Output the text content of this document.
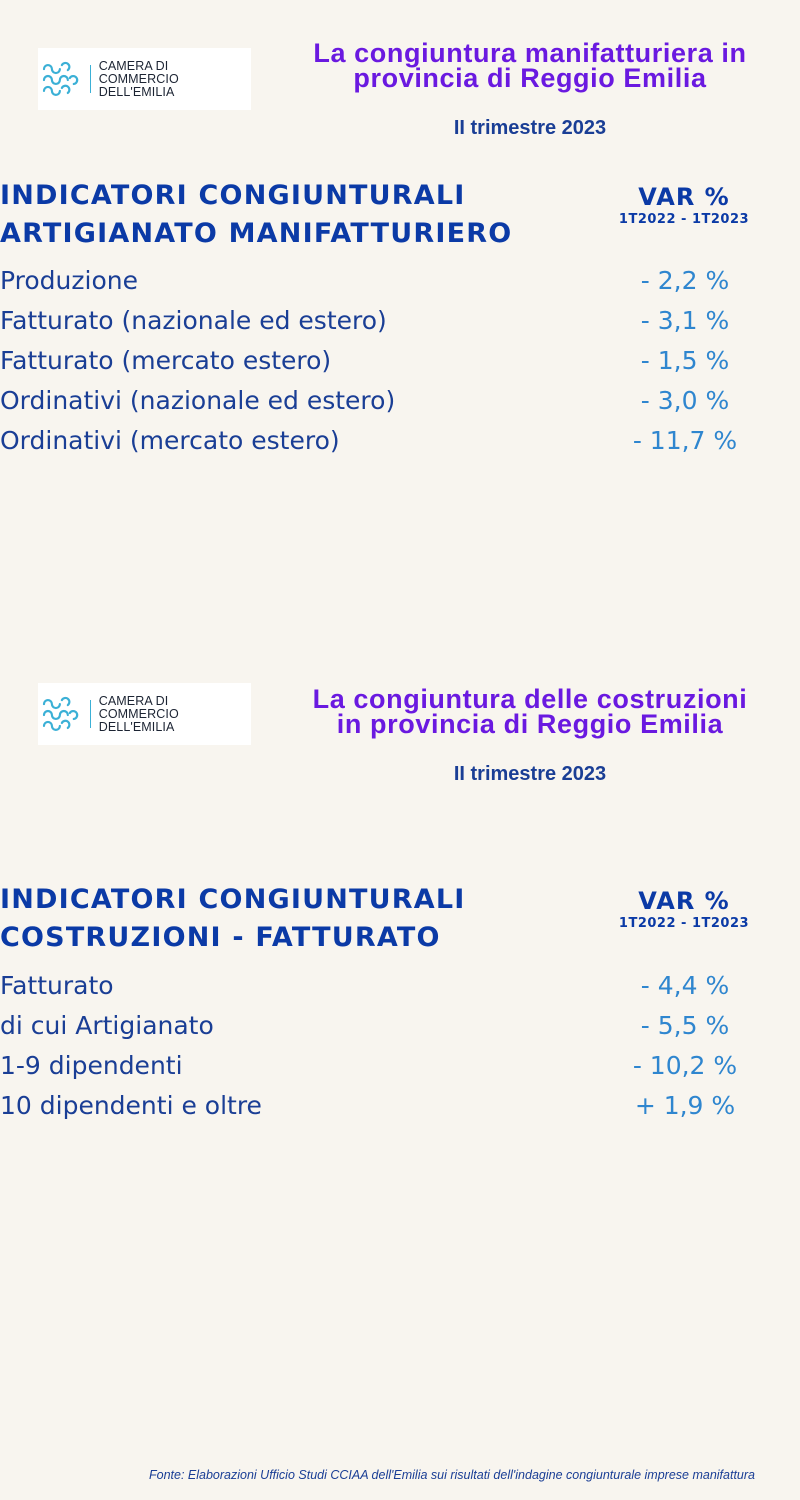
CAMERA DI COMMERCIO
DELL'EMILIA
La congiuntura manifatturiera in
provincia di Reggio Emilia
II trimestre 2023
INDICATORI CONGIUNTURALI
ARTIGIANATO MANIFATTURIERO
VAR %
1T2022 - 1T2023
Produzione	- 2,2 %
Fatturato (nazionale ed estero)	- 3,1 %
Fatturato (mercato estero)	- 1,5 %
Ordinativi (nazionale ed estero)	- 3,0 %
Ordinativi (mercato estero)	- 11,7 %
CAMERA DI COMMERCIO
DELL'EMILIA
La congiuntura delle costruzioni
in provincia di Reggio Emilia
II trimestre 2023
INDICATORI CONGIUNTURALI
COSTRUZIONI - FATTURATO
VAR %
1T2022 - 1T2023
Fatturato	- 4,4 %
di cui Artigianato	- 5,5 %
1-9 dipendenti	- 10,2 %
10 dipendenti e oltre	+ 1,9 %
Fonte: Elaborazioni Ufficio Studi CCIAA dell'Emilia sui risultati dell'indagine congiunturale imprese manifattura
